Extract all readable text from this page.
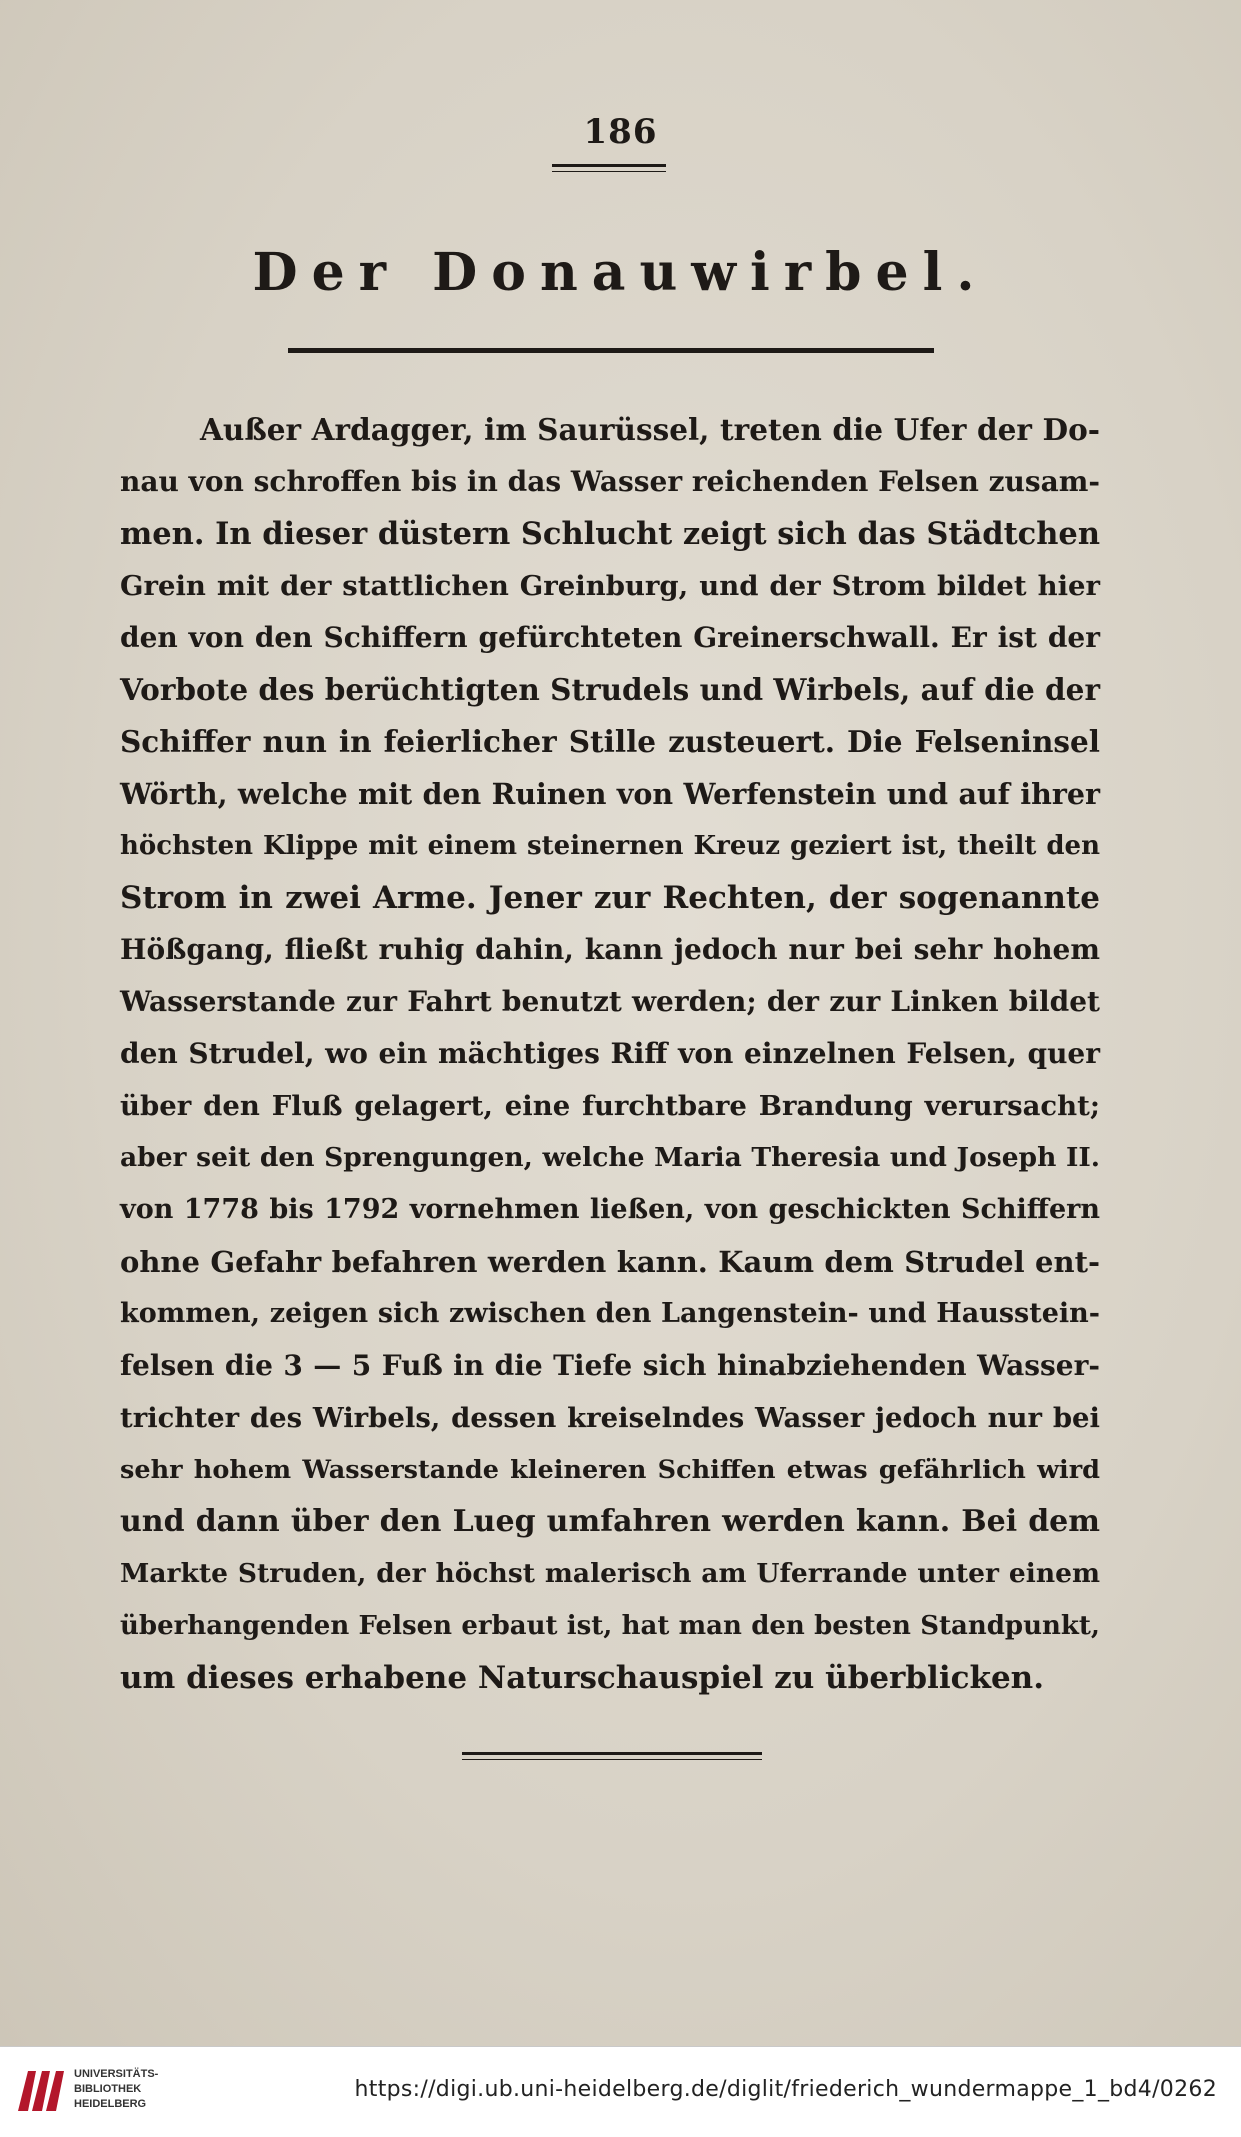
186
Der Donauwirbel.
Außer Ardagger, im Saurüssel, treten die Ufer der Do-
nau von schroffen bis in das Wasser reichenden Felsen zusam-
men. In dieser düstern Schlucht zeigt sich das Städtchen
Grein mit der stattlichen Greinburg, und der Strom bildet hier
den von den Schiffern gefürchteten Greinerschwall. Er ist der
Vorbote des berüchtigten Strudels und Wirbels, auf die der
Schiffer nun in feierlicher Stille zusteuert. Die Felseninsel
Wörth, welche mit den Ruinen von Werfenstein und auf ihrer
höchsten Klippe mit einem steinernen Kreuz geziert ist, theilt den
Strom in zwei Arme. Jener zur Rechten, der sogenannte
Hößgang, fließt ruhig dahin, kann jedoch nur bei sehr hohem
Wasserstande zur Fahrt benutzt werden; der zur Linken bildet
den Strudel, wo ein mächtiges Riff von einzelnen Felsen, quer
über den Fluß gelagert, eine furchtbare Brandung verursacht;
aber seit den Sprengungen, welche Maria Theresia und Joseph II.
von 1778 bis 1792 vornehmen ließen, von geschickten Schiffern
ohne Gefahr befahren werden kann. Kaum dem Strudel ent-
kommen, zeigen sich zwischen den Langenstein- und Hausstein-
felsen die 3 — 5 Fuß in die Tiefe sich hinabziehenden Wasser-
trichter des Wirbels, dessen kreiselndes Wasser jedoch nur bei
sehr hohem Wasserstande kleineren Schiffen etwas gefährlich wird
und dann über den Lueg umfahren werden kann. Bei dem
Markte Struden, der höchst malerisch am Uferrande unter einem
überhangenden Felsen erbaut ist, hat man den besten Standpunkt,
um dieses erhabene Naturschauspiel zu überblicken.
UNIVERSITÄTS-
BIBLIOTHEK
HEIDELBERG
https://digi.ub.uni-heidelberg.de/diglit/friederich_wundermappe_1_bd4/0262
